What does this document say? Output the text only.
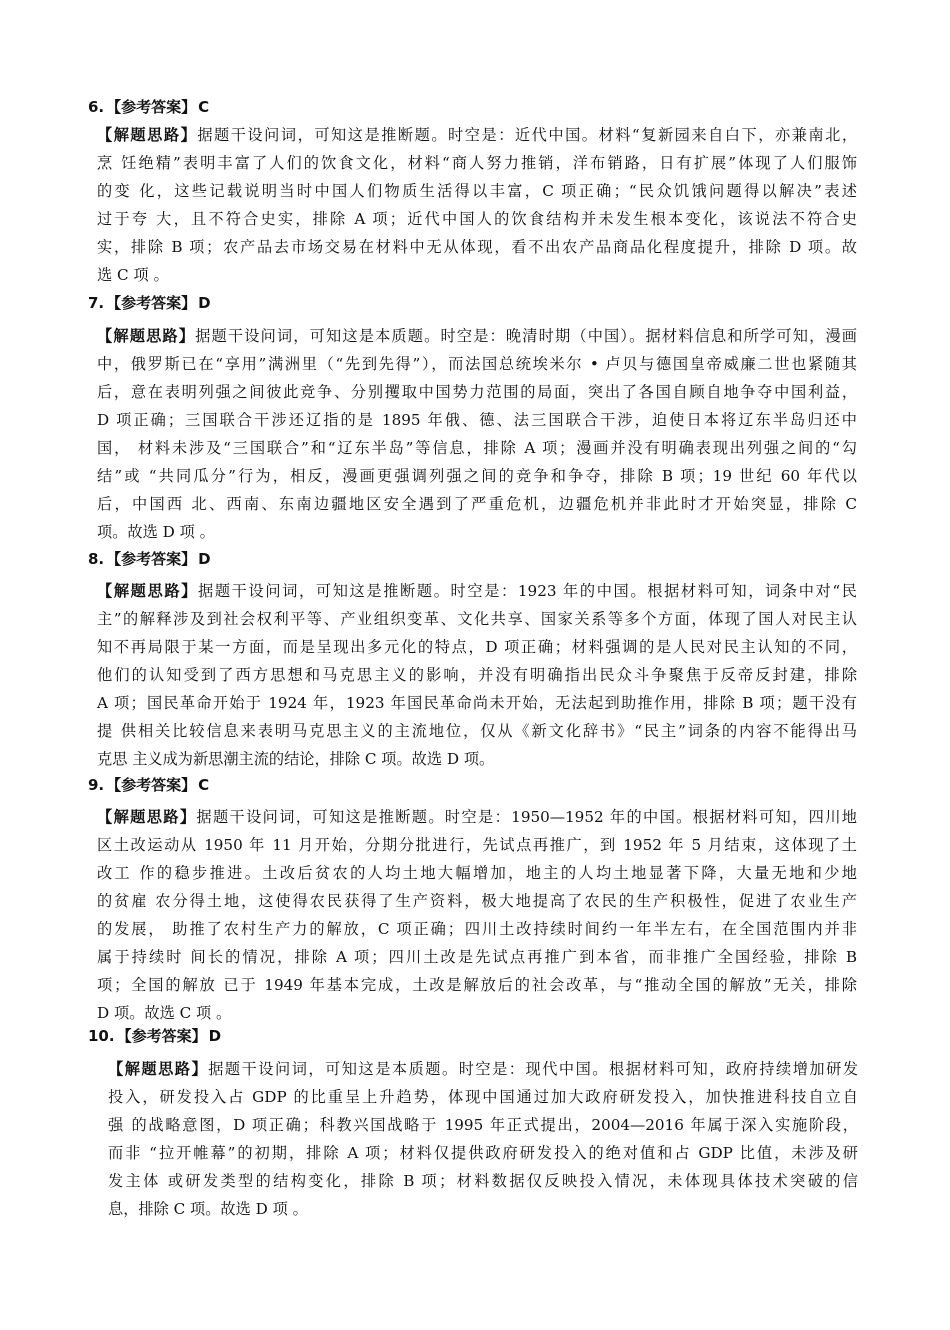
6. 【参考答案】 C
【解题思路】据题干设问词，可知这是推断题。时空是：近代中国。材料“复新园来自白下，亦兼南北，
烹 饪绝精”表明丰富了人们的饮食文化，材料“商人努力推销，洋布销路，日有扩展”体现了人们服饰
的变 化，这些记载说明当时中国人们物质生活得以丰富，C 项正确；“民众饥饿问题得以解决”表述
过于夸 大，且不符合史实，排除 A 项；近代中国人的饮食结构并未发生根本变化，该说法不符合史
实，排除 B 项；农产品去市场交易在材料中无从体现，看不出农产品商品化程度提升，排除 D 项。故
选 C 项 。
7. 【参考答案】 D
【解题思路】据题干设问词，可知这是本质题。时空是：晚清时期（中国）。据材料信息和所学可知，漫画
中，俄罗斯已在“享用”满洲里（“先到先得”），而法国总统埃米尔 • 卢贝与德国皇帝威廉二世也紧随其
后，意在表明列强之间彼此竞争、分别攫取中国势力范围的局面，突出了各国自顾自地争夺中国利益，
D 项正确；三国联合干涉还辽指的是 1895 年俄、德、法三国联合干涉，迫使日本将辽东半岛归还中
国， 材料未涉及“三国联合”和“辽东半岛”等信息，排除 A 项；漫画并没有明确表现出列强之间的“勾
结”或 “共同瓜分”行为，相反，漫画更强调列强之间的竞争和争夺，排除 B 项；19 世纪 60 年代以
后，中国西 北、西南、东南边疆地区安全遇到了严重危机，边疆危机并非此时才开始突显，排除 C
项。故选 D 项 。
8. 【参考答案】 D
【解题思路】据题干设问词，可知这是推断题。时空是：1923 年的中国。根据材料可知，词条中对“民
主”的解释涉及到社会权利平等、产业组织变革、文化共享、国家关系等多个方面，体现了国人对民主认
知不再局限于某一方面，而是呈现出多元化的特点，D 项正确；材料强调的是人民对民主认知的不同，
他们的认知受到了西方思想和马克思主义的影响，并没有明确指出民众斗争聚焦于反帝反封建，排除
A 项；国民革命开始于 1924 年，1923 年国民革命尚未开始，无法起到助推作用，排除 B 项；题干没有
提 供相关比较信息来表明马克思主义的主流地位，仅从《新文化辞书》“民主”词条的内容不能得出马
克思 主义成为新思潮主流的结论，排除 C 项。故选 D 项。
9. 【参考答案】 C
【解题思路】据题干设问词，可知这是推断题。时空是：1950—1952 年的中国。根据材料可知，四川地
区土改运动从 1950 年 11 月开始，分期分批进行，先试点再推广，到 1952 年 5 月结束，这体现了土
改工 作的稳步推进。土改后贫农的人均土地大幅增加，地主的人均土地显著下降，大量无地和少地
的贫雇 农分得土地，这使得农民获得了生产资料，极大地提高了农民的生产积极性，促进了农业生产
的发展， 助推了农村生产力的解放，C 项正确；四川土改持续时间约一年半左右，在全国范围内并非
属于持续时 间长的情况，排除 A 项；四川土改是先试点再推广到本省，而非推广全国经验，排除 B
项；全国的解放 已于 1949 年基本完成，土改是解放后的社会改革，与“推动全国的解放”无关，排除
D 项。故选 C 项 。
10. 【参考答案】 D
【解题思路】据题干设问词，可知这是本质题。时空是：现代中国。根据材料可知，政府持续增加研发
投入，研发投入占 GDP 的比重呈上升趋势，体现中国通过加大政府研发投入，加快推进科技自立自
强 的战略意图，D 项正确；科教兴国战略于 1995 年正式提出，2004—2016 年属于深入实施阶段，
而非 “拉开帷幕”的初期，排除 A 项；材料仅提供政府研发投入的绝对值和占 GDP 比值，未涉及研
发主体 或研发类型的结构变化，排除 B 项；材料数据仅反映投入情况，未体现具体技术突破的信
息，排除 C 项。故选 D 项 。
